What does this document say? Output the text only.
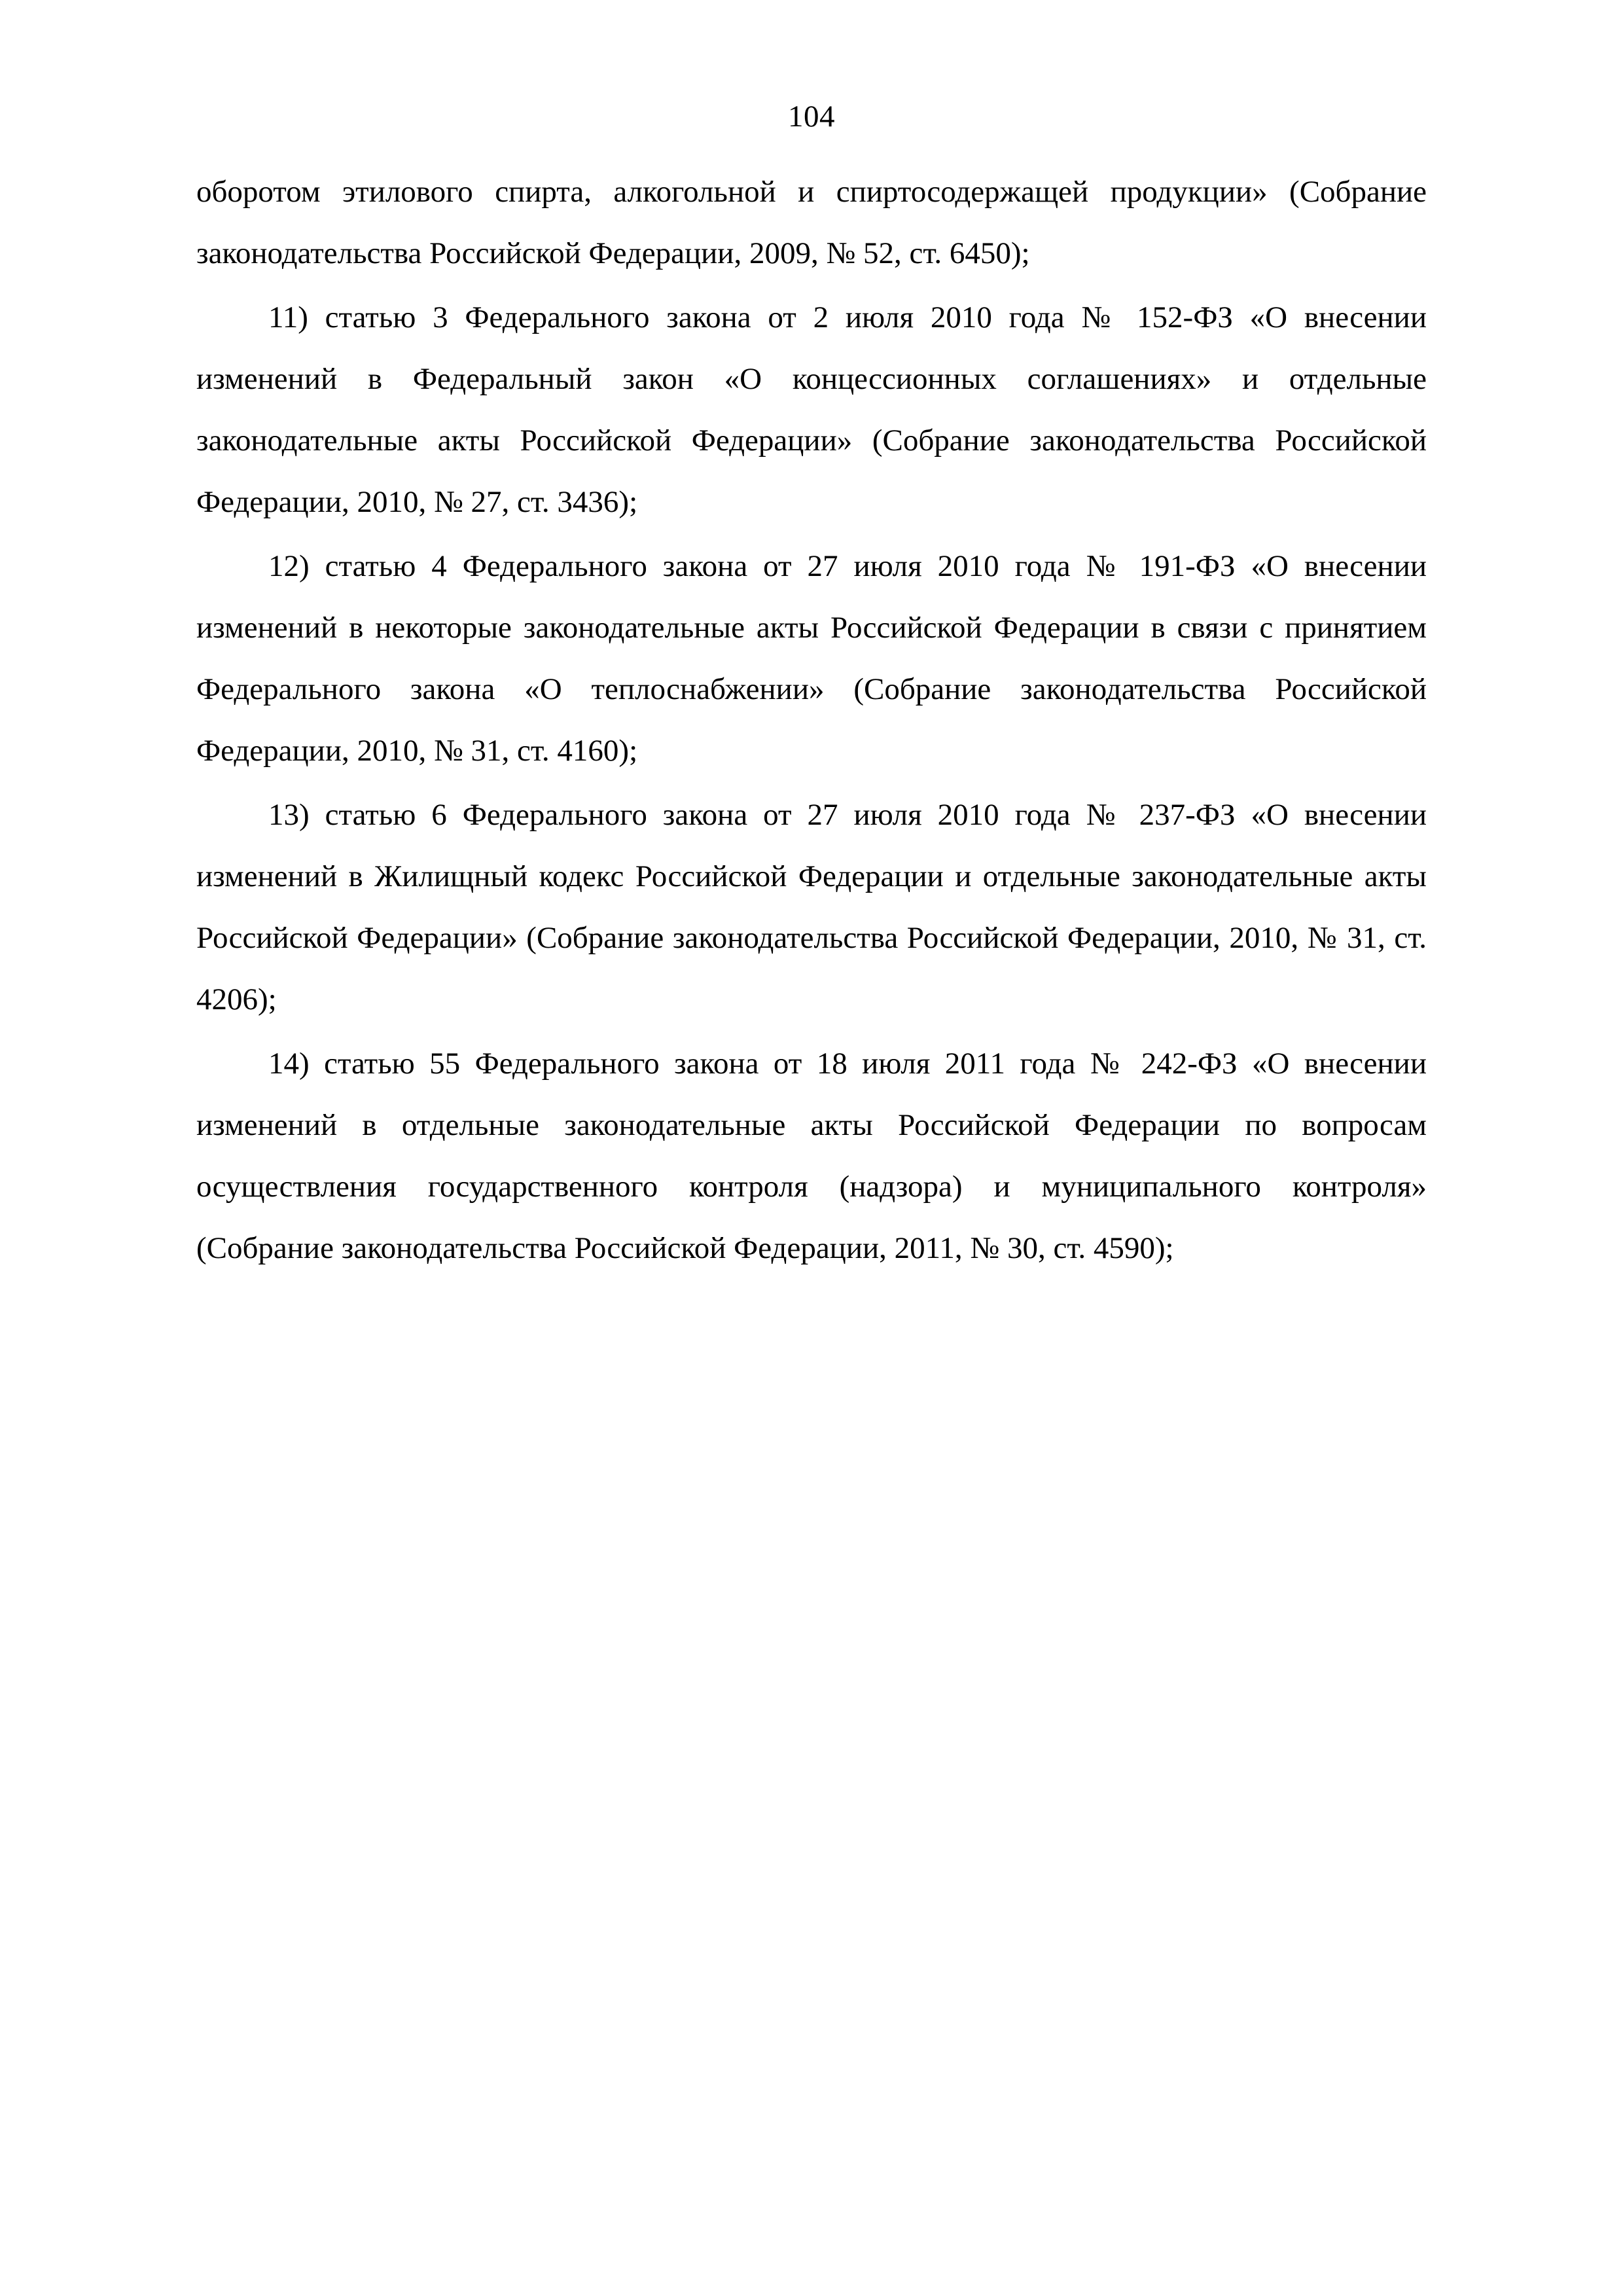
104

оборотом этилового спирта, алкогольной и спиртосодержащей продукции» (Собрание законодательства Российской Федерации, 2009, № 52, ст. 6450);

11) статью 3 Федерального закона от 2 июля 2010 года № 152-ФЗ «О внесении изменений в Федеральный закон «О концессионных соглашениях» и отдельные законодательные акты Российской Федерации» (Собрание законодательства Российской Федерации, 2010, № 27, ст. 3436);

12) статью 4 Федерального закона от 27 июля 2010 года № 191-ФЗ «О внесении изменений в некоторые законодательные акты Российской Федерации в связи с принятием Федерального закона «О теплоснабжении» (Собрание законодательства Российской Федерации, 2010, № 31, ст. 4160);

13) статью 6 Федерального закона от 27 июля 2010 года № 237-ФЗ «О внесении изменений в Жилищный кодекс Российской Федерации и отдельные законодательные акты Российской Федерации» (Собрание законодательства Российской Федерации, 2010, № 31, ст. 4206);

14) статью 55 Федерального закона от 18 июля 2011 года № 242-ФЗ «О внесении изменений в отдельные законодательные акты Российской Федерации по вопросам осуществления государственного контроля (надзора) и муниципального контроля» (Собрание законодательства Российской Федерации, 2011, № 30, ст. 4590);
